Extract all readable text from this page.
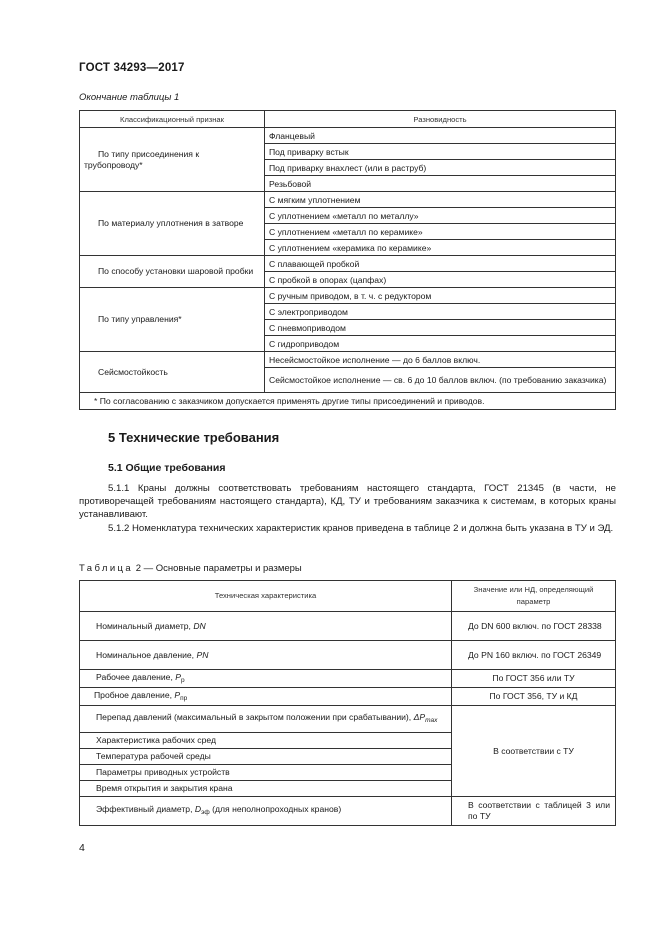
ГОСТ 34293—2017
Окончание таблицы 1
Классификационный признак	Разновидность

По типу присоединения к трубопроводу*	Фланцевый
	Под приварку встык
	Под приварку внахлест (или в раструб)
	Резьбовой

По материалу уплотнения в затворе	С мягким уплотнением
	С уплотнением «металл по металлу»
	С уплотнением «металл по керамике»
	С уплотнением «керамика по керамике»

По способу установки шаровой пробки	С плавающей пробкой
	С пробкой в опорах (цапфах)

По типу управления*	С ручным приводом, в т. ч. с редуктором
	С электроприводом
	С пневмоприводом
	С гидроприводом

Сейсмостойкость	Несейсмостойкое исполнение — до 6 баллов включ.
	Сейсмостойкое исполнение — св. 6 до 10 баллов включ. (по требованию заказчика)
* По согласованию с заказчиком допускается применять другие типы присоединений и приводов.	
5 Технические требования
5.1 Общие требования
5.1.1 Краны должны соответствовать требованиям настоящего стандарта, ГОСТ 21345 (в части, не противоречащей требованиям настоящего стандарта), КД, ТУ и требованиям заказчика к системам, в которых краны устанавливают.
5.1.2 Номенклатура технических характеристик кранов приведена в таблице 2 и должна быть указана в ТУ и ЭД.
Таблица 2 — Основные параметры и размеры
Техническая характеристика	Значение или НД, определяющий параметр
Номинальный диаметр, DN	До DN 600 включ. по ГОСТ 28338
Номинальное давление, PN	До PN 160 включ. по ГОСТ 26349
Рабочее давление, $P_р$	По ГОСТ 356 или ТУ
Пробное давление, $P_{пр}$	По ГОСТ 356, ТУ и КД
Перепад давлений (максимальный в закрытом положении при срабатывании), $\Delta P_{max}$	В соответствии с ТУ
Характеристика рабочих сред	
Температура рабочей среды	
Параметры приводных устройств	
Время открытия и закрытия крана	
Эффективный диаметр, $D_{эф}$ (для неполнопроходных кранов)	В соответствии с таблицей 3 или по ТУ
4
